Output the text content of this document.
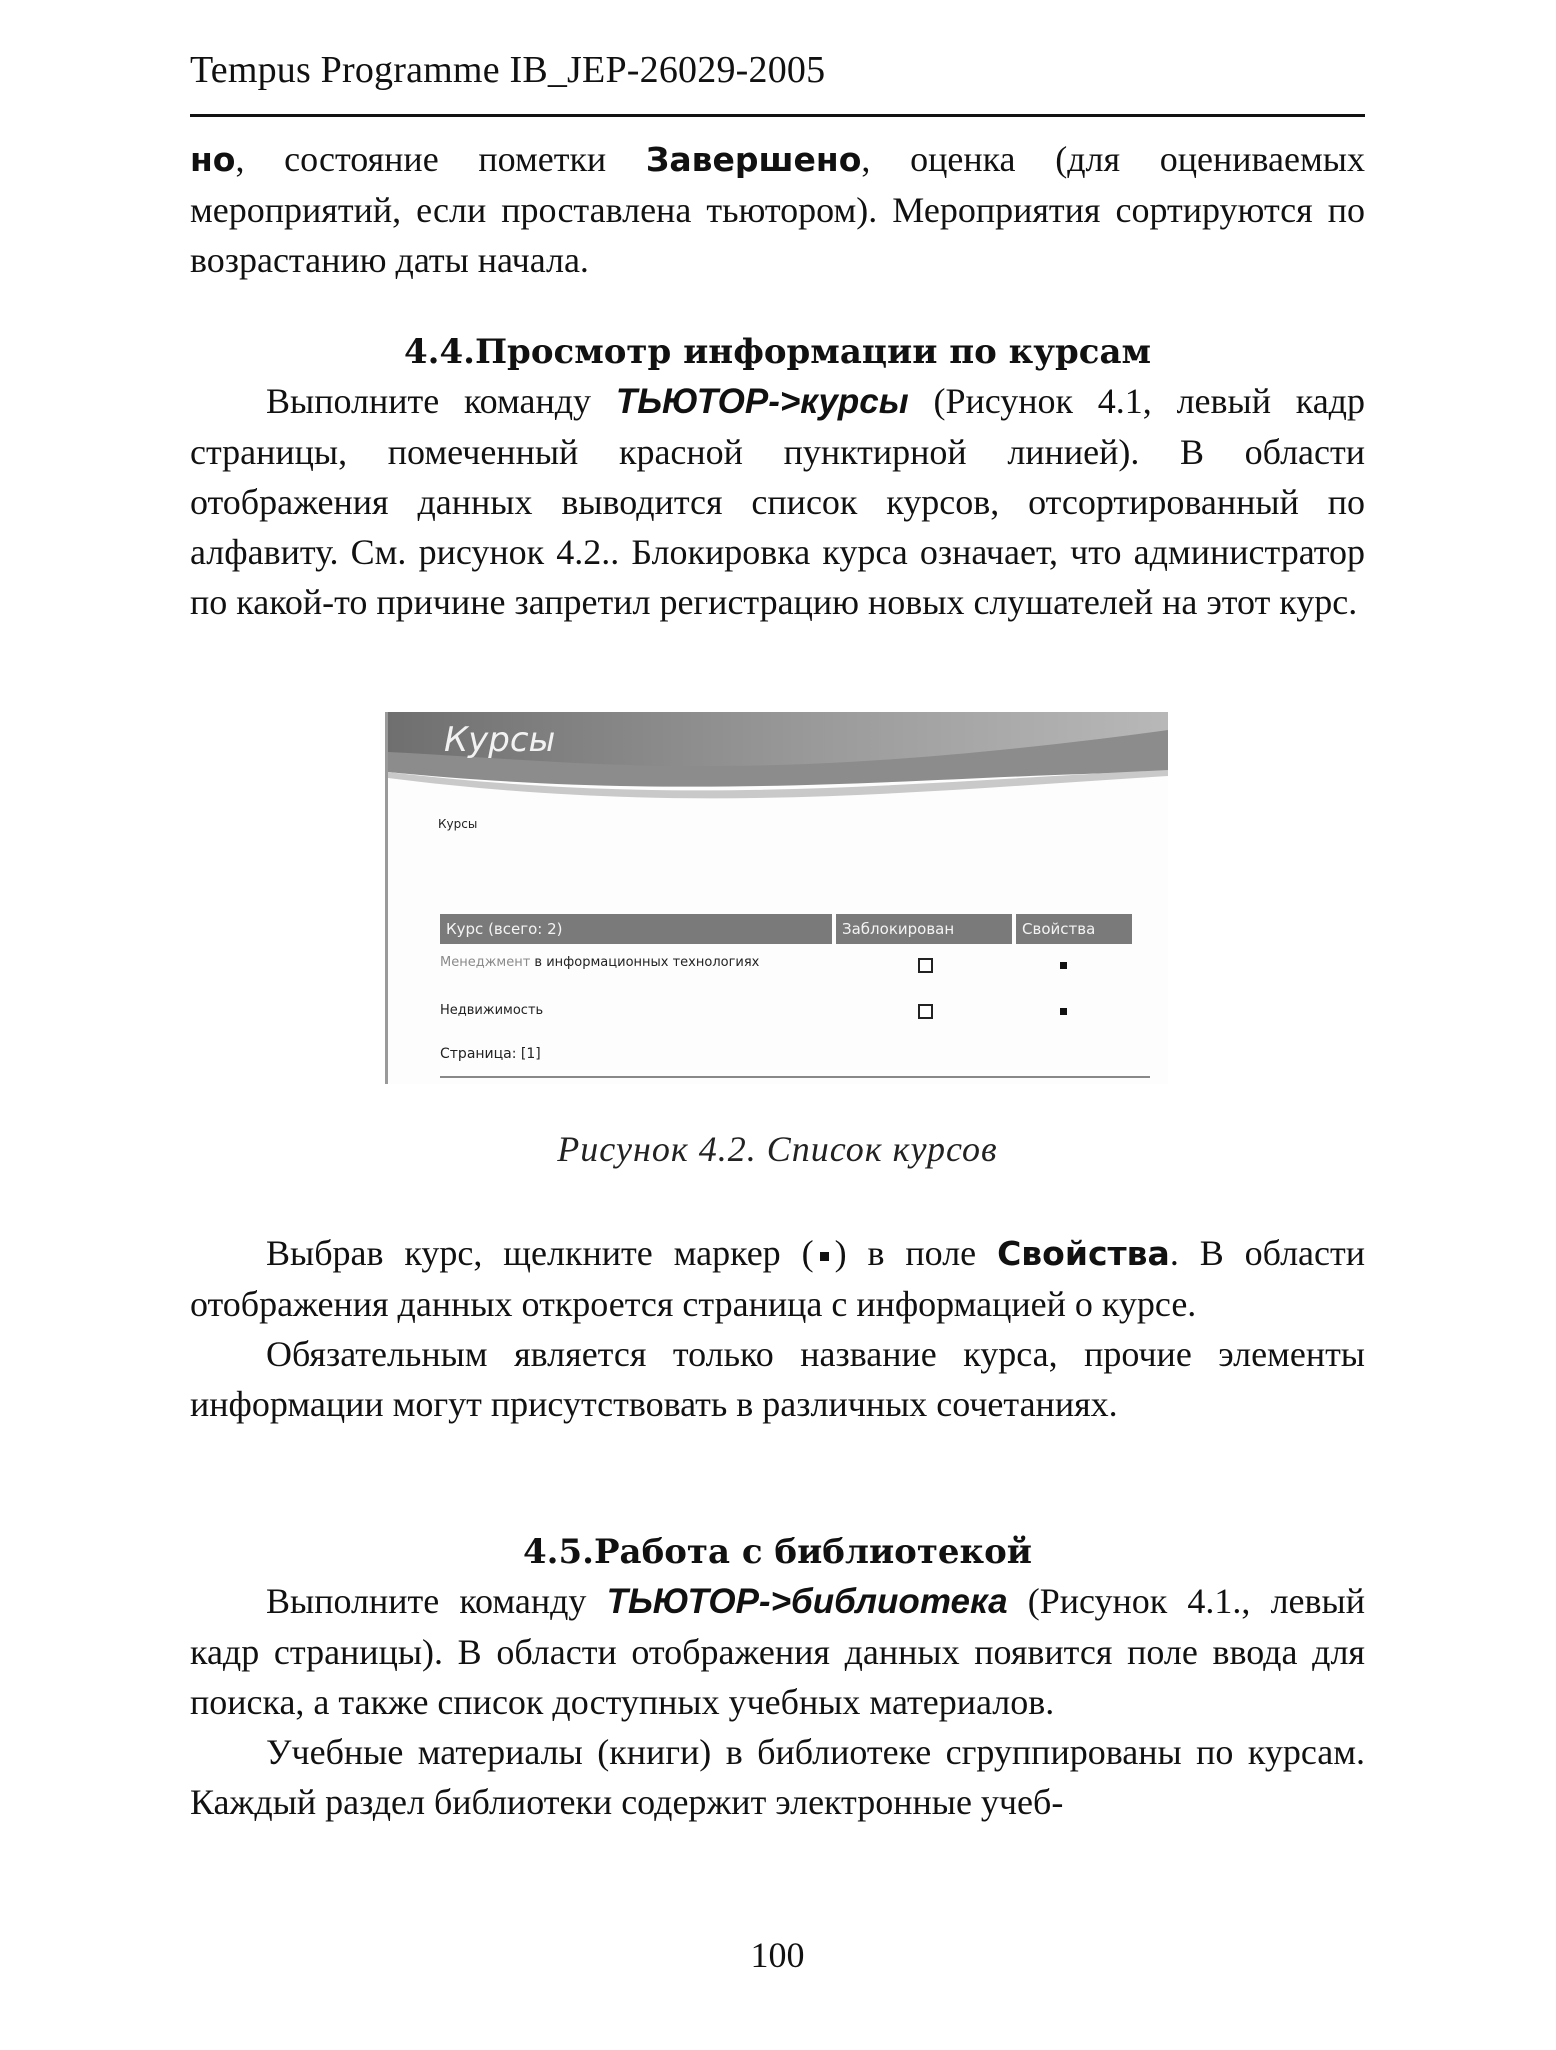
Tempus Programme IB_JEP-26029-2005

но, состояние пометки Завершено, оценка (для оцениваемых мероприятий, если проставлена тьютором). Мероприятия сортируются по возрастанию даты начала.

4.4.Просмотр информации по курсам

Выполните команду ТЬЮТОР->курсы (Рисунок 4.1, левый кадр страницы, помеченный красной пунктирной линией). В области отображения данных выводится список курсов, отсортированный по алфавиту. См. рисунок 4.2.. Блокировка курса означает, что администратор по какой-то причине запретил регистрацию новых слушателей на этот курс.

Курсы
Курсы
Курс (всего: 2)	Заблокирован	Свойства
Менеджмент в информационных технологиях
Недвижимость
Страница: [1]
Рисунок 4.2. Список курсов

Выбрав курс, щелкните маркер ( ) в поле Свойства. В области отображения данных откроется страница с информацией о курсе.

Обязательным является только название курса, прочие элементы информации могут присутствовать в различных сочетаниях.

4.5.Работа с библиотекой

Выполните команду ТЬЮТОР->библиотека (Рисунок 4.1., левый кадр страницы). В области отображения данных появится поле ввода для поиска, а также список доступных учебных материалов.

Учебные материалы (книги) в библиотеке сгруппированы по курсам. Каждый раздел библиотеки содержит электронные учеб-

100
